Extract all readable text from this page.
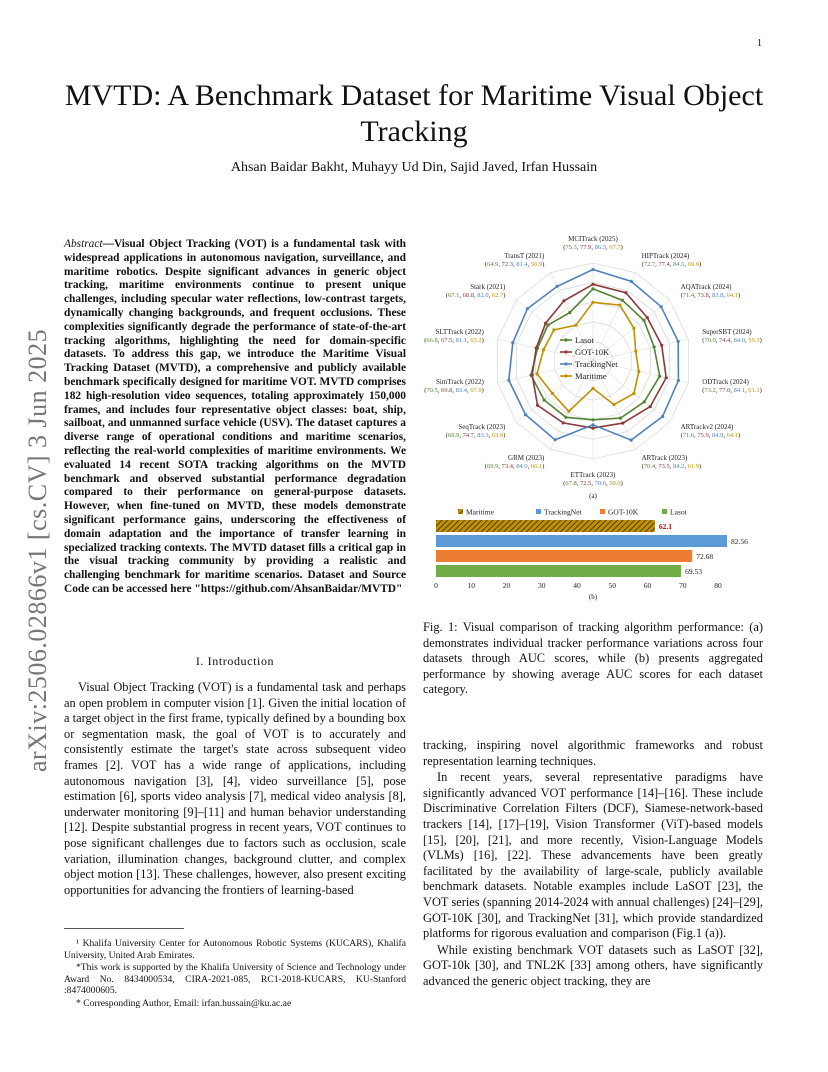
1
arXiv:2506.02866v1 [cs.CV] 3 Jun 2025
MVTD: A Benchmark Dataset for Maritime Visual Object Tracking
Ahsan Baidar Bakht, Muhayy Ud Din, Sajid Javed, Irfan Hussain
Abstract—Visual Object Tracking (VOT) is a fundamental task with widespread applications in autonomous navigation, surveillance, and maritime robotics. Despite significant advances in generic object tracking, maritime environments continue to present unique challenges, including specular water reflections, low-contrast targets, dynamically changing backgrounds, and frequent occlusions. These complexities significantly degrade the performance of state-of-the-art tracking algorithms, highlighting the need for domain-specific datasets. To address this gap, we introduce the Maritime Visual Tracking Dataset (MVTD), a comprehensive and publicly available benchmark specifically designed for maritime VOT. MVTD comprises 182 high-resolution video sequences, totaling approximately 150,000 frames, and includes four representative object classes: boat, ship, sailboat, and unmanned surface vehicle (USV). The dataset captures a diverse range of operational conditions and maritime scenarios, reflecting the real-world complexities of maritime environments. We evaluated 14 recent SOTA tracking algorithms on the MVTD benchmark and observed substantial performance degradation compared to their performance on general-purpose datasets. However, when fine-tuned on MVTD, these models demonstrate significant performance gains, underscoring the effectiveness of domain adaptation and the importance of transfer learning in specialized tracking contexts. The MVTD dataset fills a critical gap in the visual tracking community by providing a realistic and challenging benchmark for maritime scenarios. Dataset and Source Code can be accessed here "https://github.com/AhsanBaidar/MVTD"
I. Introduction
Visual Object Tracking (VOT) is a fundamental task and perhaps an open problem in computer vision [1]. Given the initial location of a target object in the first frame, typically defined by a bounding box or segmentation mask, the goal of VOT is to accurately and consistently estimate the target's state across subsequent video frames [2]. VOT has a wide range of applications, including autonomous navigation [3], [4], video surveillance [5], pose estimation [6], sports video analysis [7], medical video analysis [8], underwater monitoring [9]–[11] and human behavior understanding [12]. Despite substantial progress in recent years, VOT continues to pose significant challenges due to factors such as occlusion, scale variation, illumination changes, background clutter, and complex object motion [13]. These challenges, however, also present exciting opportunities for advancing the frontiers of learning-based

¹ Khalifa University Center for Autonomous Robotic Systems (KUCARS), Khalifa University, United Arab Emirates.

*This work is supported by the Khalifa University of Science and Technology under Award No. 8434000534, CIRA-2021-085, RC1-2018-KUCARS, KU-Stanford :8474000605.

* Corresponding Author, Email: irfan.hussain@ku.ac.ae

Lasot
GOT-10K
TrackingNet
Maritime
MCITrack (2025)
(75.3, 77.9, 86.3, 67.7)
HIPTrack (2024)
(72.7, 77.4, 84.5, 69.6)
AQATrack (2024)
(71.4, 73.8, 83.8, 64.1)
SuperSBT (2024)
(70.0, 74.4, 84.0, 59.3)
ODTrack (2024)
(73.2, 77.0, 84.1, 61.1)
ARTrackv2 (2024)
(71.6, 75.9, 84.9, 64.1)
ARTrack (2023)
(70.4, 73.5, 84.2, 61.9)
ETTrack (2023)
(67.8, 72.5, 70.6, 50.0)
GRM (2023)
(69.9, 73.4, 84.0, 66.1)
SeqTrack (2023)
(69.9, 74.7, 83.3, 63.9)
SimTrack (2022)
(70.5, 69.8, 83.4, 67.0)
SLTTrack (2022)
(66.8, 67.5, 81.1, 63.2)
Stark (2021)
(67.1, 68.8, 82.0, 62.7)
TransT (2021)
(64.9, 72.3, 81.4, 56.9)
(a)
Maritime	TrackingNet	GOT-10K	Lasot
62.1
82.56
72.68
69.53
0	10	20	30	40	50	60	70	80
(b)
Fig. 1: Visual comparison of tracking algorithm performance: (a) demonstrates individual tracker performance variations across four datasets through AUC scores, while (b) presents aggregated performance by showing average AUC scores for each dataset category.

tracking, inspiring novel algorithmic frameworks and robust representation learning techniques.

In recent years, several representative paradigms have significantly advanced VOT performance [14]–[16]. These include Discriminative Correlation Filters (DCF), Siamese-network-based trackers [14], [17]–[19], Vision Transformer (ViT)-based models [15], [20], [21], and more recently, Vision-Language Models (VLMs) [16], [22]. These advancements have been greatly facilitated by the availability of large-scale, publicly available benchmark datasets. Notable examples include LaSOT [23], the VOT series (spanning 2014-2024 with annual challenges) [24]–[29], GOT-10K [30], and TrackingNet [31], which provide standardized platforms for rigorous evaluation and comparison (Fig.1 (a)).

While existing benchmark VOT datasets such as LaSOT [32], GOT-10k [30], and TNL2K [33] among others, have significantly advanced the generic object tracking, they are
